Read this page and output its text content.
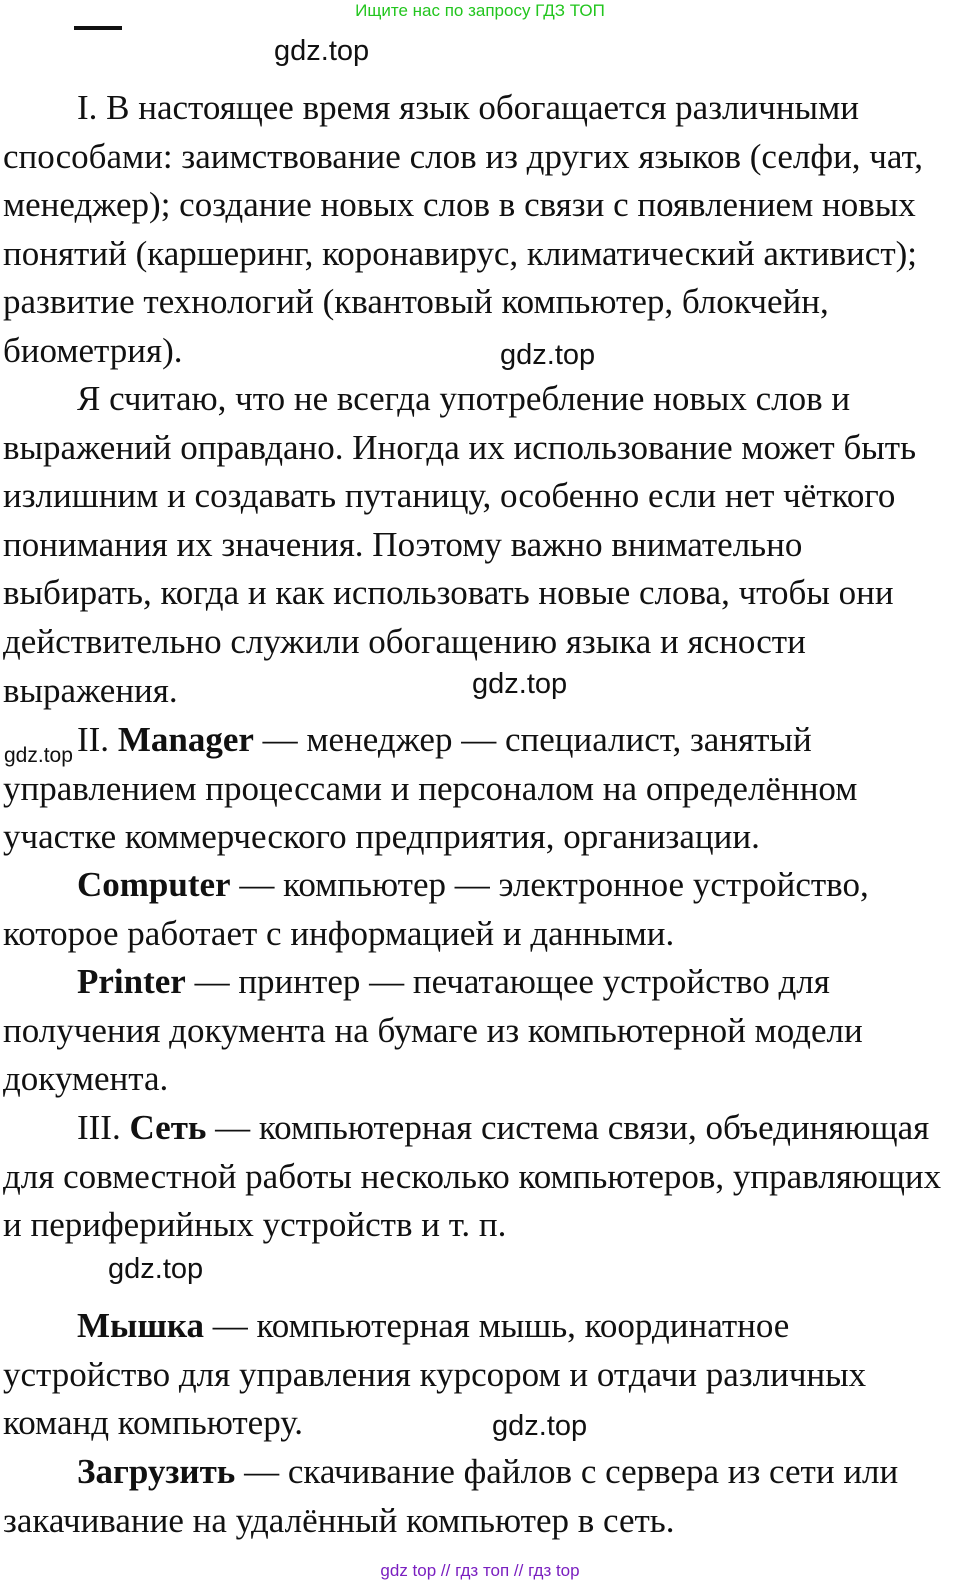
Ищите нас по запросу ГДЗ ТОП
gdz.top
gdz.top
gdz.top
gdz.top
gdz.top
gdz.top

I. В настоящее время язык обогащается различными способами: заимствование слов из других языков (селфи, чат, менеджер); создание новых слов в связи с появлением новых понятий (каршеринг, коронавирус, климатический активист); развитие технологий (квантовый компьютер, блокчейн, биометрия).

Я считаю, что не всегда употребление новых слов и выражений оправдано. Иногда их использование может быть излишним и создавать путаницу, особенно если нет чёткого понимания их значения. Поэтому важно внимательно выбирать, когда и как использовать новые слова, чтобы они действительно служили обогащению языка и ясности выражения.

II. Manager — менеджер — специалист, занятый управлением процессами и персоналом на определённом участке коммерческого предприятия, организации.

Computer — компьютер — электронное устройство, которое работает с информацией и данными.

Printer — принтер — печатающее устройство для получения документа на бумаге из компьютерной модели документа.

III. Сеть — компьютерная система связи, объединяющая для совместной работы несколько компьютеров, управляющих и периферийных устройств и т. п.

Мышка — компьютерная мышь, координатное устройство для управления курсором и отдачи различных команд компьютеру.

Загрузить — скачивание файлов с сервера из сети или закачивание на удалённый компьютер в сеть.

gdz top // гдз топ // гдз top
